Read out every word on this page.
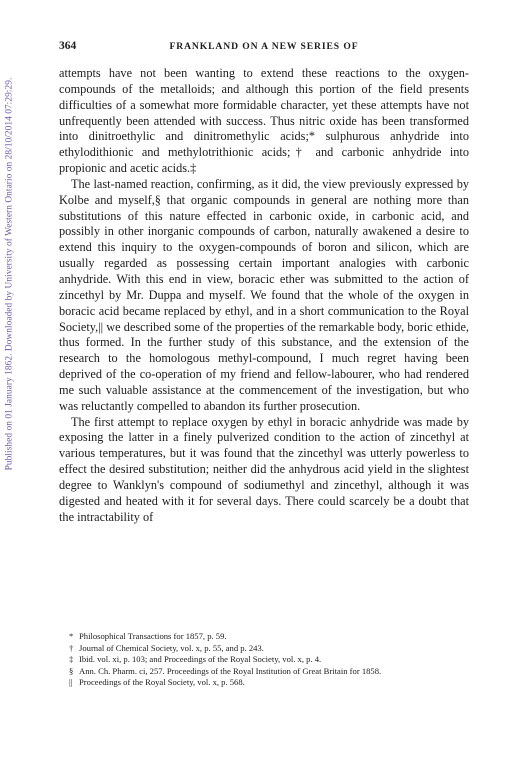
Published on 01 January 1862. Downloaded by University of Western Ontario on 28/10/2014 07:29:29.
364	FRANKLAND ON A NEW SERIES OF

attempts have not been wanting to extend these reactions to the oxygen-compounds of the metalloids; and although this portion of the field presents difficulties of a somewhat more formidable character, yet these attempts have not unfrequently been attended with success. Thus nitric oxide has been transformed into dinitroethylic and dinitromethylic acids;* sulphurous anhydride into ethylodithionic and methylotrithionic acids;† and carbonic anhydride into propionic and acetic acids.‡

The last-named reaction, confirming, as it did, the view previously expressed by Kolbe and myself,§ that organic compounds in general are nothing more than substitutions of this nature effected in carbonic oxide, in carbonic acid, and possibly in other inorganic compounds of carbon, naturally awakened a desire to extend this inquiry to the oxygen-compounds of boron and silicon, which are usually regarded as possessing certain important analogies with carbonic anhydride. With this end in view, boracic ether was submitted to the action of zincethyl by Mr. Duppa and myself. We found that the whole of the oxygen in boracic acid became replaced by ethyl, and in a short communication to the Royal Society,|| we described some of the properties of the remarkable body, boric ethide, thus formed. In the further study of this substance, and the extension of the research to the homologous methyl-compound, I much regret having been deprived of the co-operation of my friend and fellow-labourer, who had rendered me such valuable assistance at the commencement of the investigation, but who was reluctantly compelled to abandon its further prosecution.

The first attempt to replace oxygen by ethyl in boracic anhydride was made by exposing the latter in a finely pulverized condition to the action of zincethyl at various temperatures, but it was found that the zincethyl was utterly powerless to effect the desired substitution; neither did the anhydrous acid yield in the slightest degree to Wanklyn's compound of sodiumethyl and zincethyl, although it was digested and heated with it for several days. There could scarcely be a doubt that the intractability of

* Philosophical Transactions for 1857, p. 59.

† Journal of Chemical Society, vol. x, p. 55, and p. 243.

‡ Ibid. vol. xi, p. 103; and Proceedings of the Royal Society, vol. x, p. 4.

§ Ann. Ch. Pharm. ci, 257. Proceedings of the Royal Institution of Great Britain for 1858.

|| Proceedings of the Royal Society, vol. x, p. 568.
